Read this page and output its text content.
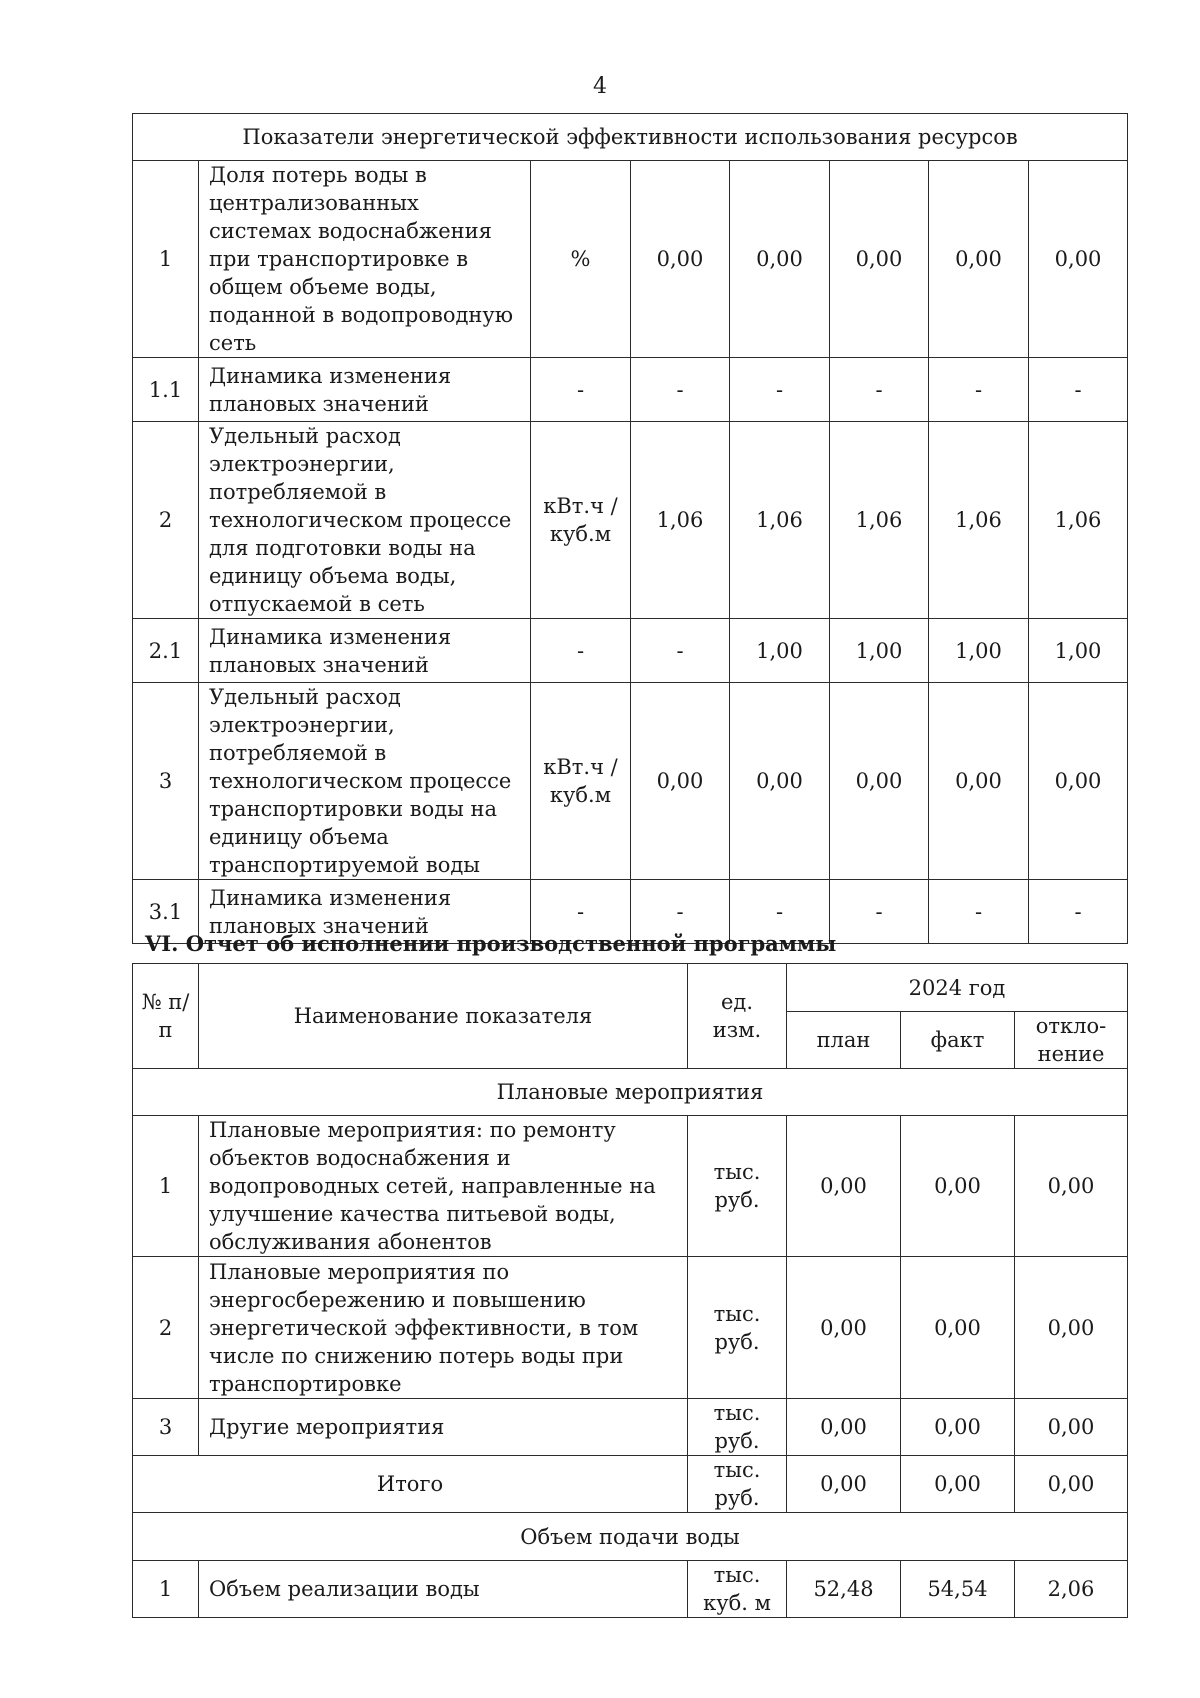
4
Показатели энергетической эффективности использования ресурсов							
1	Доля потерь воды в централизованных системах водоснабжения при транспортировке в общем объеме воды, поданной в водопроводную сеть	%	0,00	0,00	0,00	0,00	0,00
1.1	Динамика изменения плановых значений	-	-	-	-	-	-
2	Удельный расход электроэнергии, потребляемой в технологическом процессе для подготовки воды на единицу объема воды, отпускаемой в сеть	кВт.ч / куб.м	1,06	1,06	1,06	1,06	1,06
2.1	Динамика изменения плановых значений	-	-	1,00	1,00	1,00	1,00
3	Удельный расход электроэнергии, потребляемой в технологическом процессе транспортировки воды на единицу объема транспортируемой воды	кВт.ч / куб.м	0,00	0,00	0,00	0,00	0,00
3.1	Динамика изменения плановых значений	-	-	-	-	-	-
VI. Отчет об исполнении производственной программы
№ п/п	Наименование показателя	ед. изм.	2024 год		
			план	факт	откло-нение
Плановые мероприятия					
1	Плановые мероприятия: по ремонту объектов водоснабжения и водопроводных сетей, направленные на улучшение качества питьевой воды, обслуживания абонентов	тыс. руб.	0,00	0,00	0,00
2	Плановые мероприятия по энергосбережению и повышению энергетической эффективности, в том числе по снижению потерь воды при транспортировке	тыс. руб.	0,00	0,00	0,00
3	Другие мероприятия	тыс. руб.	0,00	0,00	0,00
Итого		тыс. руб.	0,00	0,00	0,00
Объем подачи воды					
1	Объем реализации воды	тыс. куб. м	52,48	54,54	2,06
